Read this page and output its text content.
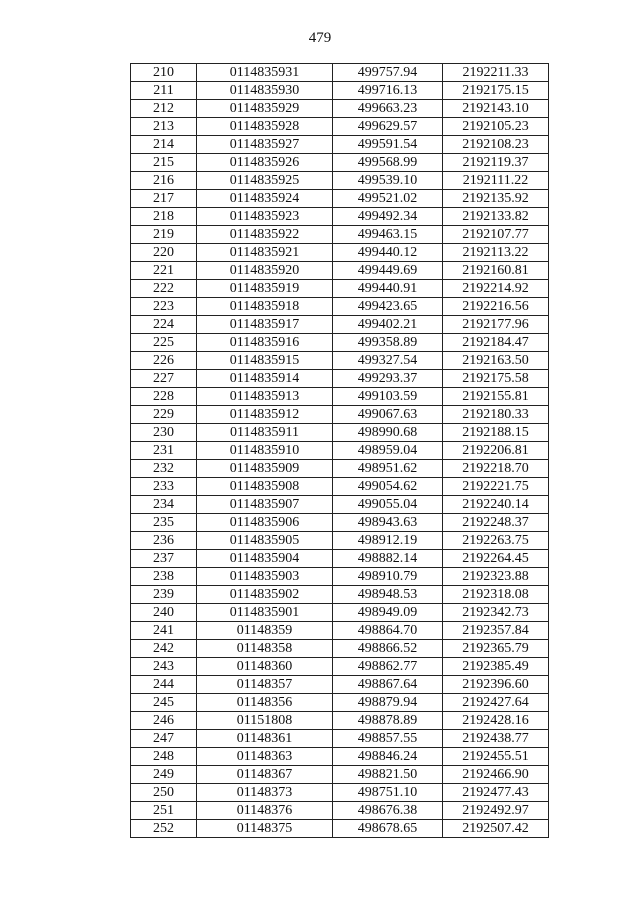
479
210	0114835931	499757.94	2192211.33
211	0114835930	499716.13	2192175.15
212	0114835929	499663.23	2192143.10
213	0114835928	499629.57	2192105.23
214	0114835927	499591.54	2192108.23
215	0114835926	499568.99	2192119.37
216	0114835925	499539.10	2192111.22
217	0114835924	499521.02	2192135.92
218	0114835923	499492.34	2192133.82
219	0114835922	499463.15	2192107.77
220	0114835921	499440.12	2192113.22
221	0114835920	499449.69	2192160.81
222	0114835919	499440.91	2192214.92
223	0114835918	499423.65	2192216.56
224	0114835917	499402.21	2192177.96
225	0114835916	499358.89	2192184.47
226	0114835915	499327.54	2192163.50
227	0114835914	499293.37	2192175.58
228	0114835913	499103.59	2192155.81
229	0114835912	499067.63	2192180.33
230	0114835911	498990.68	2192188.15
231	0114835910	498959.04	2192206.81
232	0114835909	498951.62	2192218.70
233	0114835908	499054.62	2192221.75
234	0114835907	499055.04	2192240.14
235	0114835906	498943.63	2192248.37
236	0114835905	498912.19	2192263.75
237	0114835904	498882.14	2192264.45
238	0114835903	498910.79	2192323.88
239	0114835902	498948.53	2192318.08
240	0114835901	498949.09	2192342.73
241	01148359	498864.70	2192357.84
242	01148358	498866.52	2192365.79
243	01148360	498862.77	2192385.49
244	01148357	498867.64	2192396.60
245	01148356	498879.94	2192427.64
246	01151808	498878.89	2192428.16
247	01148361	498857.55	2192438.77
248	01148363	498846.24	2192455.51
249	01148367	498821.50	2192466.90
250	01148373	498751.10	2192477.43
251	01148376	498676.38	2192492.97
252	01148375	498678.65	2192507.42
